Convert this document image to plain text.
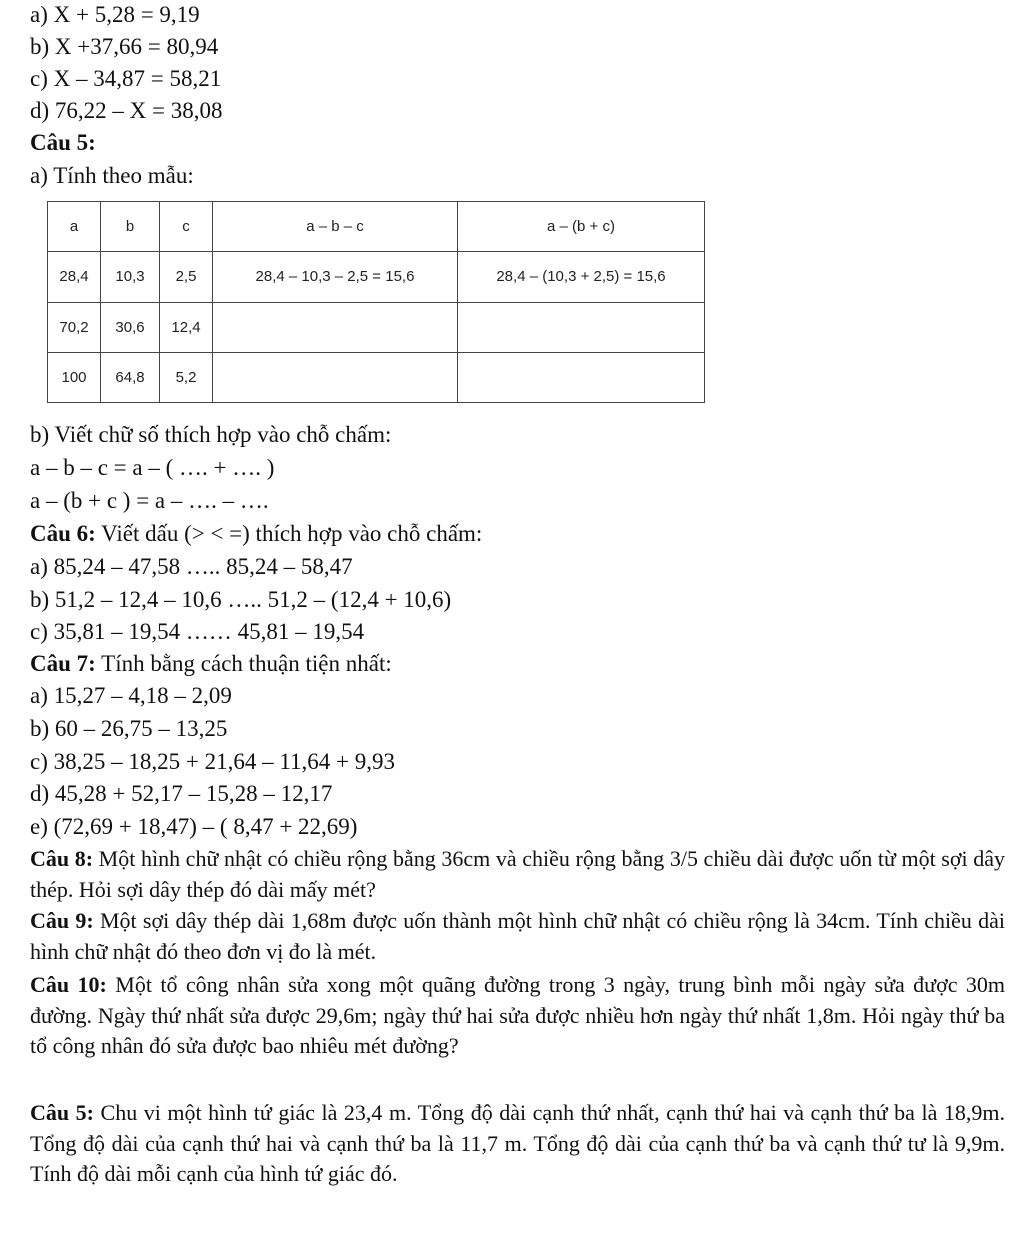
a) X + 5,28 = 9,19
b) X +37,66 = 80,94
c) X – 34,87 = 58,21
d) 76,22 – X = 38,08
Câu 5:
a) Tính theo mẫu:
a	b	c	a – b – c	a – (b + c)
28,4	10,3	2,5	28,4 – 10,3 – 2,5 = 15,6	28,4 – (10,3 + 2,5) = 15,6
70,2	30,6	12,4		
100	64,8	5,2		
b) Viết chữ số thích hợp vào chỗ chấm:
a – b – c = a – ( …. + …. )
a – (b + c ) = a – …. – ….
Câu 6: Viết dấu (> < =) thích hợp vào chỗ chấm:
a) 85,24 – 47,58 ….. 85,24 – 58,47
b) 51,2 – 12,4 – 10,6 ….. 51,2 – (12,4 + 10,6)
c) 35,81 – 19,54 …… 45,81 – 19,54
Câu 7: Tính bằng cách thuận tiện nhất:
a) 15,27 – 4,18 – 2,09
b) 60 – 26,75 – 13,25
c) 38,25 – 18,25 + 21,64 – 11,64 + 9,93
d) 45,28 + 52,17 – 15,28 – 12,17
e) (72,69 + 18,47) – ( 8,47 + 22,69)
Câu 8: Một hình chữ nhật có chiều rộng bằng 36cm và chiều rộng bằng 3/5 chiều dài được uốn từ một sợi dây thép. Hỏi sợi dây thép đó dài mấy mét?
Câu 9: Một sợi dây thép dài 1,68m được uốn thành một hình chữ nhật có chiều rộng là 34cm. Tính chiều dài hình chữ nhật đó theo đơn vị đo là mét.
Câu 10: Một tổ công nhân sửa xong một quãng đường trong 3 ngày, trung bình mỗi ngày sửa được 30m đường. Ngày thứ nhất sửa được 29,6m; ngày thứ hai sửa được nhiều hơn ngày thứ nhất 1,8m. Hỏi ngày thứ ba tổ công nhân đó sửa được bao nhiêu mét đường?
Câu 5: Chu vi một hình tứ giác là 23,4 m. Tổng độ dài cạnh thứ nhất, cạnh thứ hai và cạnh thứ ba là 18,9m. Tổng độ dài của cạnh thứ hai và cạnh thứ ba là 11,7 m. Tổng độ dài của cạnh thứ ba và cạnh thứ tư là 9,9m. Tính độ dài mỗi cạnh của hình tứ giác đó.
